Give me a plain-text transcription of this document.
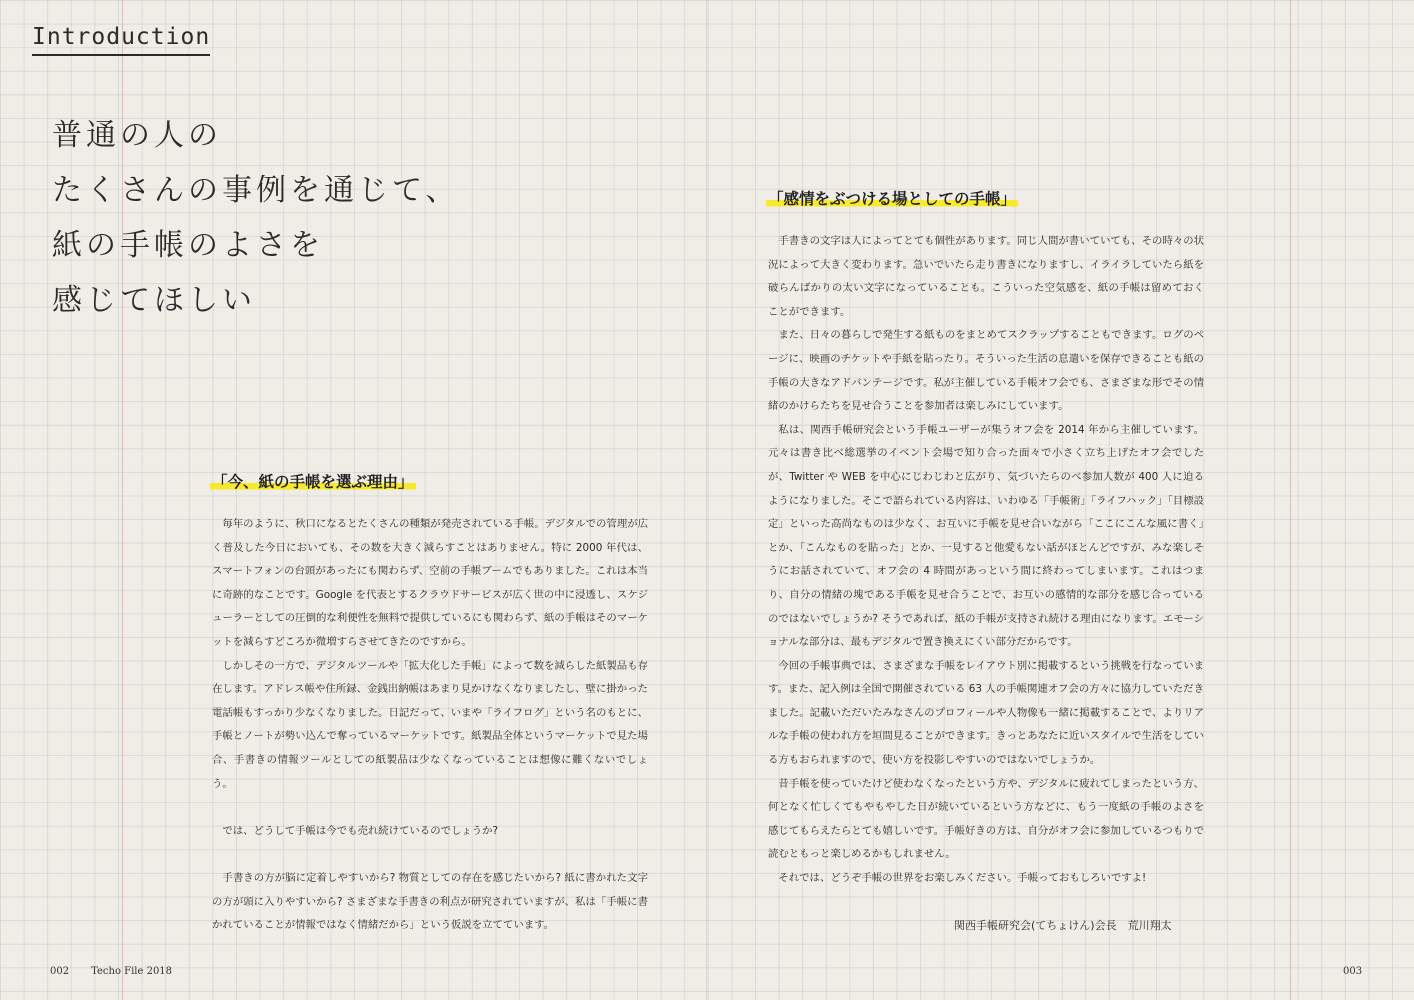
Introduction
普通の人の
たくさんの事例を通じて、
紙の手帳のよさを
感じてほしい
「今、紙の手帳を選ぶ理由」

毎年のように、秋口になるとたくさんの種類が発売されている手帳。デジタルでの管理が広く普及した今日においても、その数を大きく減らすことはありません。特に 2000 年代は、スマートフォンの台頭があったにも関わらず、空前の手帳ブームでもありました。これは本当に奇跡的なことです。Google を代表とするクラウドサービスが広く世の中に浸透し、スケジューラーとしての圧倒的な利便性を無料で提供しているにも関わらず、紙の手帳はそのマーケットを減らすどころか微増すらさせてきたのですから。

しかしその一方で、デジタルツールや「拡大化した手帳」によって数を減らした紙製品も存在します。アドレス帳や住所録、金銭出納帳はあまり見かけなくなりましたし、壁に掛かった電話帳もすっかり少なくなりました。日記だって、いまや「ライフログ」という名のもとに、手帳とノートが勢い込んで奪っているマーケットです。紙製品全体というマーケットで見た場合、手書きの情報ツールとしての紙製品は少なくなっていることは想像に難くないでしょう。

では、どうして手帳は今でも売れ続けているのでしょうか?

手書きの方が脳に定着しやすいから? 物質としての存在を感じたいから? 紙に書かれた文字の方が頭に入りやすいから? さまざまな手書きの利点が研究されていますが、私は「手帳に書かれていることが情報ではなく情緒だから」という仮説を立てています。

「感情をぶつける場としての手帳」

手書きの文字は人によってとても個性があります。同じ人間が書いていても、その時々の状況によって大きく変わります。急いでいたら走り書きになりますし、イライラしていたら紙を破らんばかりの太い文字になっていることも。こういった空気感を、紙の手帳は留めておくことができます。

また、日々の暮らしで発生する紙ものをまとめてスクラップすることもできます。ログのページに、映画のチケットや手紙を貼ったり。そういった生活の息遣いを保存できることも紙の手帳の大きなアドバンテージです。私が主催している手帳オフ会でも、さまざまな形でその情緒のかけらたちを見せ合うことを参加者は楽しみにしています。

私は、関西手帳研究会という手帳ユーザーが集うオフ会を 2014 年から主催しています。元々は書き比べ総選挙のイベント会場で知り合った面々で小さく立ち上げたオフ会でしたが、Twitter や WEB を中心にじわじわと広がり、気づいたらのべ参加人数が 400 人に迫るようになりました。そこで語られている内容は、いわゆる「手帳術」「ライフハック」「目標設定」といった高尚なものは少なく、お互いに手帳を見せ合いながら「ここにこんな風に書く」とか、「こんなものを貼った」とか、一見すると他愛もない話がほとんどですが、みな楽しそうにお話されていて、オフ会の 4 時間があっという間に終わってしまいます。これはつまり、自分の情緒の塊である手帳を見せ合うことで、お互いの感情的な部分を感じ合っているのではないでしょうか? そうであれば、紙の手帳が支持され続ける理由になります。エモーショナルな部分は、最もデジタルで置き換えにくい部分だからです。

今回の手帳事典では、さまざまな手帳をレイアウト別に掲載するという挑戦を行なっています。また、記入例は全国で開催されている 63 人の手帳関連オフ会の方々に協力していただきました。記載いただいたみなさんのプロフィールや人物像も一緒に掲載することで、よりリアルな手帳の使われ方を垣間見ることができます。きっとあなたに近いスタイルで生活をしている方もおられますので、使い方を投影しやすいのではないでしょうか。

昔手帳を使っていたけど使わなくなったという方や、デジタルに疲れてしまったという方、何となく忙しくてもやもやした日が続いているという方などに、もう一度紙の手帳のよさを感じてもらえたらとても嬉しいです。手帳好きの方は、自分がオフ会に参加しているつもりで読むともっと楽しめるかもしれません。

それでは、どうぞ手帳の世界をお楽しみください。手帳っておもしろいですよ!

関西手帳研究会(てちょけん)会長　荒川翔太
002 Techo File 2018	003
